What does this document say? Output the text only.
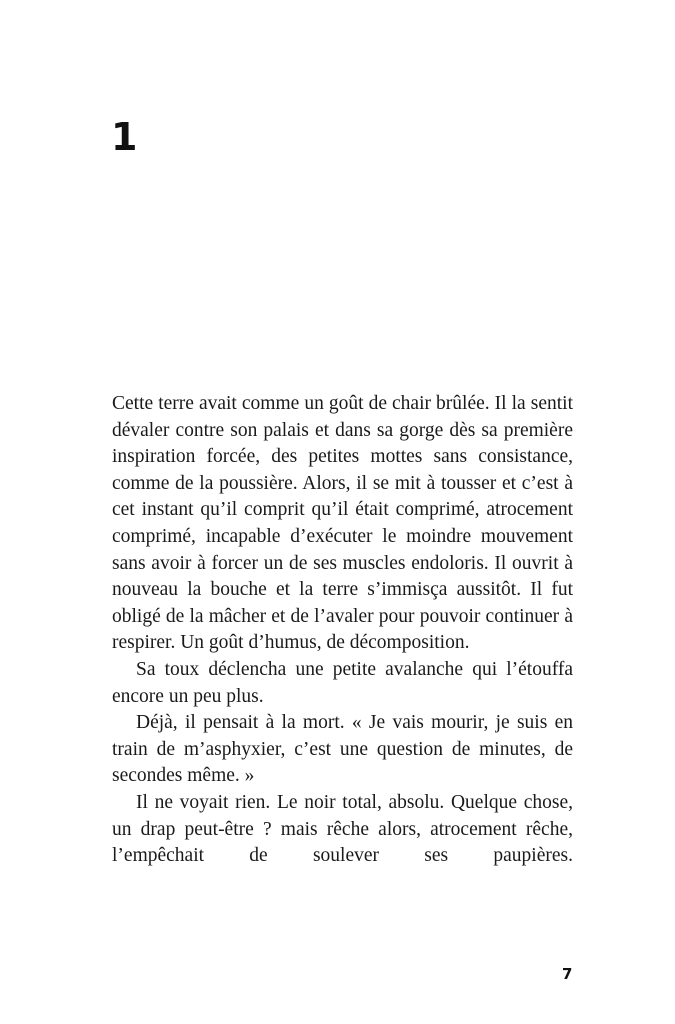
1

Cette terre avait comme un goût de chair brûlée. Il la sentit dévaler contre son palais et dans sa gorge dès sa première inspiration forcée, des petites mottes sans consistance, comme de la poussière. Alors, il se mit à tousser et c’est à cet instant qu’il comprit qu’il était comprimé, atrocement comprimé, incapable d’exécuter le moindre mouvement sans avoir à forcer un de ses muscles endoloris. Il ouvrit à nouveau la bouche et la terre s’immisça aussitôt. Il fut obligé de la mâcher et de l’avaler pour pouvoir continuer à respirer. Un goût d’humus, de décomposition.

Sa toux déclencha une petite avalanche qui l’étouffa encore un peu plus.

Déjà, il pensait à la mort. « Je vais mourir, je suis en train de m’asphyxier, c’est une question de minutes, de secondes même. »

Il ne voyait rien. Le noir total, absolu. Quelque chose, un drap peut-être ? mais rêche alors, atrocement rêche, l’empêchait de soulever ses paupières.

7
